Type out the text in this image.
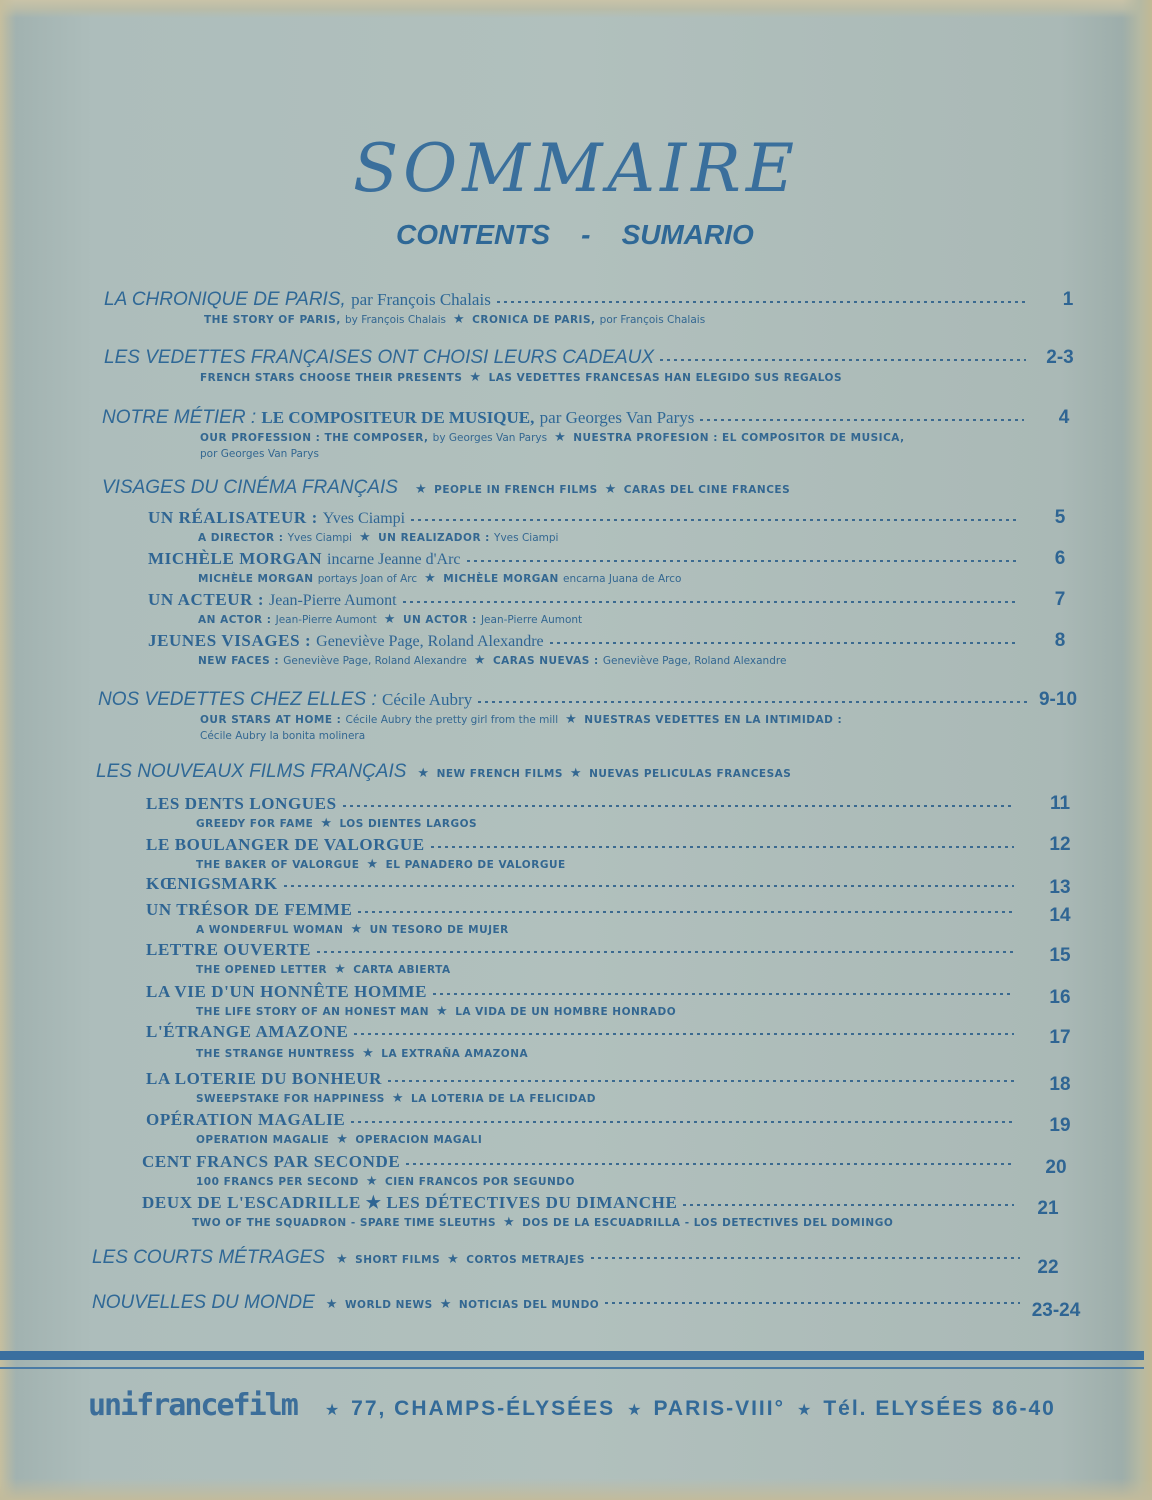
SOMMAIRE
CONTENTS - SUMARIO
LA CHRONIQUE DE PARIS, par François Chalais	1
THE STORY OF PARIS, by François Chalais ★ CRONICA DE PARIS, por François Chalais
LES VEDETTES FRANÇAISES ONT CHOISI LEURS CADEAUX	2-3
FRENCH STARS CHOOSE THEIR PRESENTS ★ LAS VEDETTES FRANCESAS HAN ELEGIDO SUS REGALOS
NOTRE MÉTIER : LE COMPOSITEUR DE MUSIQUE, par Georges Van Parys	4
OUR PROFESSION : THE COMPOSER, by Georges Van Parys ★ NUESTRA PROFESION : EL COMPOSITOR DE MUSICA,
por Georges Van Parys
VISAGES DU CINÉMA FRANÇAIS	★ PEOPLE IN FRENCH FILMS ★ CARAS DEL CINE FRANCES
UN RÉALISATEUR : Yves Ciampi	5
A DIRECTOR : Yves Ciampi ★ UN REALIZADOR : Yves Ciampi
MICHÈLE MORGAN incarne Jeanne d'Arc	6
MICHÈLE MORGAN portays Joan of Arc ★ MICHÈLE MORGAN encarna Juana de Arco
UN ACTEUR : Jean-Pierre Aumont	7
AN ACTOR : Jean-Pierre Aumont ★ UN ACTOR : Jean-Pierre Aumont
JEUNES VISAGES : Geneviève Page, Roland Alexandre	8
NEW FACES : Geneviève Page, Roland Alexandre ★ CARAS NUEVAS : Geneviève Page, Roland Alexandre
NOS VEDETTES CHEZ ELLES : Cécile Aubry	9-10
OUR STARS AT HOME : Cécile Aubry the pretty girl from the mill ★ NUESTRAS VEDETTES EN LA INTIMIDAD :
Cécile Aubry la bonita molinera
LES NOUVEAUX FILMS FRANÇAIS ★ NEW FRENCH FILMS ★ NUEVAS PELICULAS FRANCESAS
LES DENTS LONGUES	11
GREEDY FOR FAME ★ LOS DIENTES LARGOS
LE BOULANGER DE VALORGUE	12
THE BAKER OF VALORGUE ★ EL PANADERO DE VALORGUE
KŒNIGSMARK	13
UN TRÉSOR DE FEMME	14
A WONDERFUL WOMAN ★ UN TESORO DE MUJER
LETTRE OUVERTE	15
THE OPENED LETTER ★ CARTA ABIERTA
LA VIE D'UN HONNÊTE HOMME	16
THE LIFE STORY OF AN HONEST MAN ★ LA VIDA DE UN HOMBRE HONRADO
L'ÉTRANGE AMAZONE	17
THE STRANGE HUNTRESS ★ LA EXTRAÑA AMAZONA
LA LOTERIE DU BONHEUR	18
SWEEPSTAKE FOR HAPPINESS ★ LA LOTERIA DE LA FELICIDAD
OPÉRATION MAGALIE	19
OPERATION MAGALIE ★ OPERACION MAGALI
CENT FRANCS PAR SECONDE	20
100 FRANCS PER SECOND ★ CIEN FRANCOS POR SEGUNDO
DEUX DE L'ESCADRILLE ★ LES DÉTECTIVES DU DIMANCHE	21
TWO OF THE SQUADRON - SPARE TIME SLEUTHS ★ DOS DE LA ESCUADRILLA - LOS DETECTIVES DEL DOMINGO
LES COURTS MÉTRAGES ★ SHORT FILMS ★ CORTOS METRAJES	22
NOUVELLES DU MONDE ★ WORLD NEWS ★ NOTICIAS DEL MUNDO	23-24
unifrancefilm ★ 77, CHAMPS-ÉLYSÉES ★ PARIS-VIII° ★ Tél. ELYSÉES 86-40
